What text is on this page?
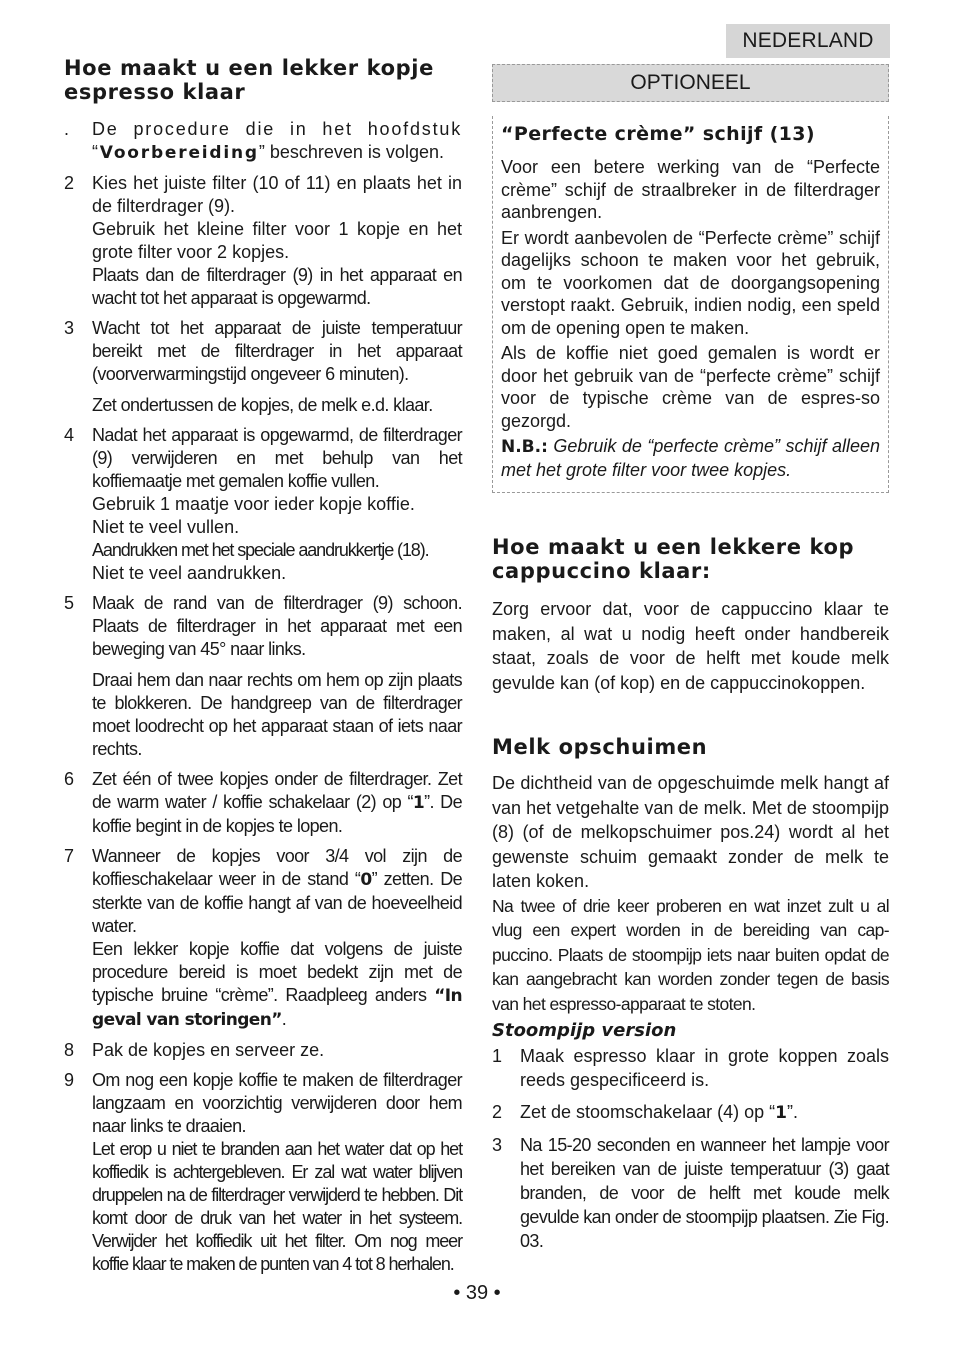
NEDERLAND
Hoe maakt u een lekker kopje espresso klaar
.	De procedure die in het hoofdstuk “Voorbereiding” beschreven is volgen.

2 Kies het juiste filter (10 of 11) en plaats het in de filterdrager (9).

Gebruik het kleine filter voor 1 kopje en het grote filter voor 2 kopjes.

Plaats dan de filterdrager (9) in het apparaat en wacht tot het apparaat is opgewarmd.

3 Wacht tot het apparaat de juiste temperatuur bereikt met de filterdrager in het apparaat (voorverwarmingstijd ongeveer 6 minuten).

Zet ondertussen de kopjes, de melk e.d. klaar.

4 Nadat het apparaat is opgewarmd, de filterdrager (9) verwijderen en met behulp van het koffiemaatje met gemalen koffie vullen.

Gebruik 1 maatje voor ieder kopje koffie.

Niet te veel vullen.

Aandrukken met het speciale aandrukkertje (18).

Niet te veel aandrukken.

5 Maak de rand van de filterdrager (9) schoon. Plaats de filterdrager in het apparaat met een beweging van 45° naar links.

Draai hem dan naar rechts om hem op zijn plaats te blokkeren. De handgreep van de filterdrager moet loodrecht op het apparaat staan of iets naar rechts.

6 Zet één of twee kopjes onder de filterdrager. Zet de warm water / koffie schakelaar (2) op “1”. De koffie begint in de kopjes te lopen.

7 Wanneer de kopjes voor 3/4 vol zijn de koffieschakelaar weer in de stand “0” zetten. De sterkte van de koffie hangt af van de hoeveelheid water.

Een lekker kopje koffie dat volgens de juiste procedure bereid is moet bedekt zijn met de typische bruine “crème”. Raadpleeg anders “In geval van storingen”.

8 Pak de kopjes en serveer ze.

9 Om nog een kopje koffie te maken de filterdrager langzaam en voorzichtig verwijderen door hem naar links te draaien.

Let erop u niet te branden aan het water dat op het koffiedik is achtergebleven. Er zal wat water blijven druppelen na de filterdrager verwijderd te hebben. Dit komt door de druk van het water in het systeem. Verwijder het koffiedik uit het filter. Om nog meer koffie klaar te maken de punten van 4 tot 8 herhalen.

OPTIONEEL
“Perfecte crème” schijf (13)

Voor een betere werking van de “Perfecte crème” schijf de straalbreker in de filterdrager aanbrengen.

Er wordt aanbevolen de “Perfecte crème” schijf dagelijks schoon te maken voor het gebruik, om te voorkomen dat de doorgangsopening verstopt raakt. Gebruik, indien nodig, een speld om de opening open te maken.

Als de koffie niet goed gemalen is wordt er door het gebruik van de “perfecte crème” schijf voor de typische crème van de espres-so gezorgd.

N.B.: Gebruik de “perfecte crème” schijf alleen met het grote filter voor twee kopjes.

Hoe maakt u een lekkere kop cappuccino klaar:

Zorg ervoor dat, voor de cappuccino klaar te maken, al wat u nodig heeft onder handbereik staat, zoals de voor de helft met koude melk gevulde kan (of kop) en de cappuccinokoppen.

Melk opschuimen

De dichtheid van de opgeschuimde melk hangt af van het vetgehalte van de melk. Met de stoompijp (8) (of de melkopschuimer pos.24) wordt al het gewenste schuim gemaakt zonder de melk te laten koken.

Na twee of drie keer proberen en wat inzet zult u al vlug een expert worden in de bereiding van cap-puccino. Plaats de stoompijp iets naar buiten opdat de kan aangebracht kan worden zonder tegen de basis van het espresso-apparaat te stoten.

Stoompijp version

1 Maak espresso klaar in grote koppen zoals reeds gespecificeerd is.

2 Zet de stoomschakelaar (4) op “1”.

3 Na 15-20 seconden en wanneer het lampje voor het bereiken van de juiste temperatuur (3) gaat branden, de voor de helft met koude melk gevulde kan onder de stoompijp plaatsen. Zie Fig. 03.

• 39 •
